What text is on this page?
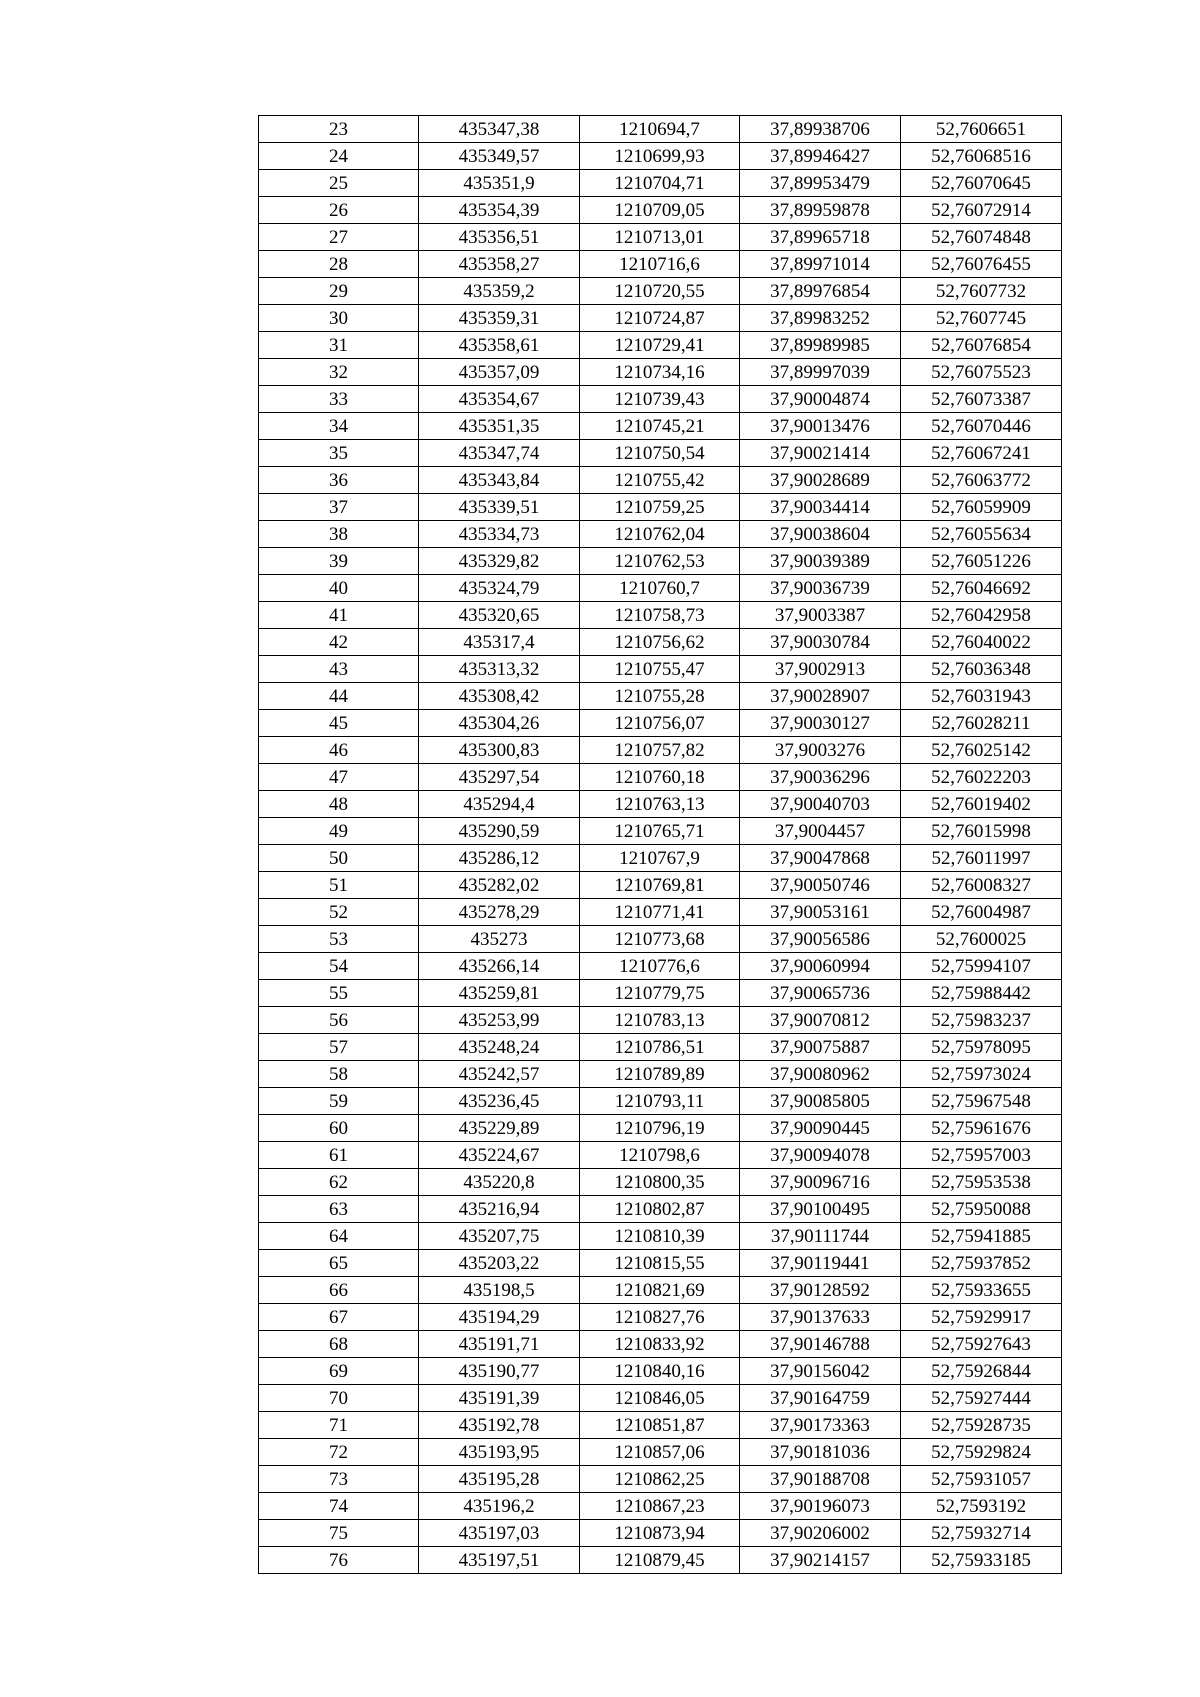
23	435347,38	1210694,7	37,89938706	52,7606651
24	435349,57	1210699,93	37,89946427	52,76068516
25	435351,9	1210704,71	37,89953479	52,76070645
26	435354,39	1210709,05	37,89959878	52,76072914
27	435356,51	1210713,01	37,89965718	52,76074848
28	435358,27	1210716,6	37,89971014	52,76076455
29	435359,2	1210720,55	37,89976854	52,7607732
30	435359,31	1210724,87	37,89983252	52,7607745
31	435358,61	1210729,41	37,89989985	52,76076854
32	435357,09	1210734,16	37,89997039	52,76075523
33	435354,67	1210739,43	37,90004874	52,76073387
34	435351,35	1210745,21	37,90013476	52,76070446
35	435347,74	1210750,54	37,90021414	52,76067241
36	435343,84	1210755,42	37,90028689	52,76063772
37	435339,51	1210759,25	37,90034414	52,76059909
38	435334,73	1210762,04	37,90038604	52,76055634
39	435329,82	1210762,53	37,90039389	52,76051226
40	435324,79	1210760,7	37,90036739	52,76046692
41	435320,65	1210758,73	37,9003387	52,76042958
42	435317,4	1210756,62	37,90030784	52,76040022
43	435313,32	1210755,47	37,9002913	52,76036348
44	435308,42	1210755,28	37,90028907	52,76031943
45	435304,26	1210756,07	37,90030127	52,76028211
46	435300,83	1210757,82	37,9003276	52,76025142
47	435297,54	1210760,18	37,90036296	52,76022203
48	435294,4	1210763,13	37,90040703	52,76019402
49	435290,59	1210765,71	37,9004457	52,76015998
50	435286,12	1210767,9	37,90047868	52,76011997
51	435282,02	1210769,81	37,90050746	52,76008327
52	435278,29	1210771,41	37,90053161	52,76004987
53	435273	1210773,68	37,90056586	52,7600025
54	435266,14	1210776,6	37,90060994	52,75994107
55	435259,81	1210779,75	37,90065736	52,75988442
56	435253,99	1210783,13	37,90070812	52,75983237
57	435248,24	1210786,51	37,90075887	52,75978095
58	435242,57	1210789,89	37,90080962	52,75973024
59	435236,45	1210793,11	37,90085805	52,75967548
60	435229,89	1210796,19	37,90090445	52,75961676
61	435224,67	1210798,6	37,90094078	52,75957003
62	435220,8	1210800,35	37,90096716	52,75953538
63	435216,94	1210802,87	37,90100495	52,75950088
64	435207,75	1210810,39	37,90111744	52,75941885
65	435203,22	1210815,55	37,90119441	52,75937852
66	435198,5	1210821,69	37,90128592	52,75933655
67	435194,29	1210827,76	37,90137633	52,75929917
68	435191,71	1210833,92	37,90146788	52,75927643
69	435190,77	1210840,16	37,90156042	52,75926844
70	435191,39	1210846,05	37,90164759	52,75927444
71	435192,78	1210851,87	37,90173363	52,75928735
72	435193,95	1210857,06	37,90181036	52,75929824
73	435195,28	1210862,25	37,90188708	52,75931057
74	435196,2	1210867,23	37,90196073	52,7593192
75	435197,03	1210873,94	37,90206002	52,75932714
76	435197,51	1210879,45	37,90214157	52,75933185
